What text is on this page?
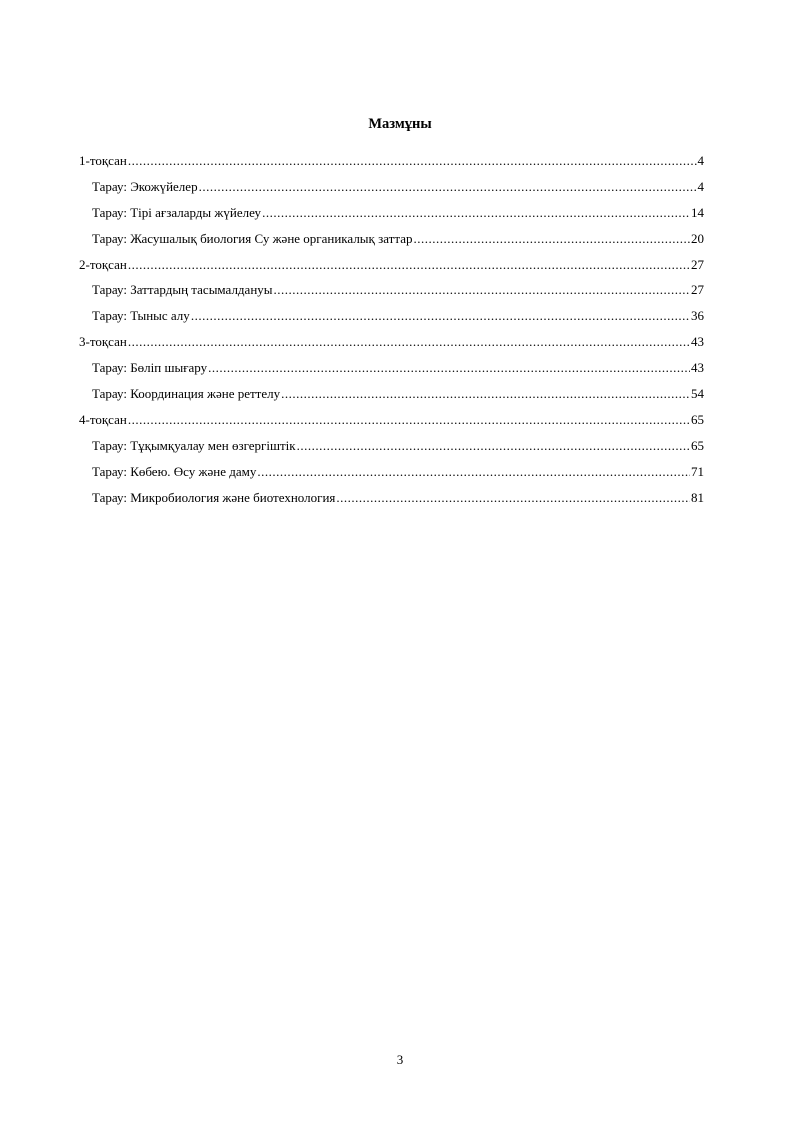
Мазмұны
1-тоқсан .....	4
Тарау: Экожүйелер .....	4
Тарау: Тірі ағзаларды жүйелеу .....	14
Тарау: Жасушалық биология Су және органикалық заттар .....	20
2-тоқсан .....	27
Тарау: Заттардың тасымалдануы .....	27
Тарау: Тыныс алу .....	36
3-тоқсан .....	43
Тарау: Бөліп шығару .....	43
Тарау: Координация және реттелу .....	54
4-тоқсан .....	65
Тарау: Тұқымқуалау мен өзгергіштік .....	65
Тарау: Көбею. Өсу және даму .....	71
Тарау: Микробиология және биотехнология .....	81
3
